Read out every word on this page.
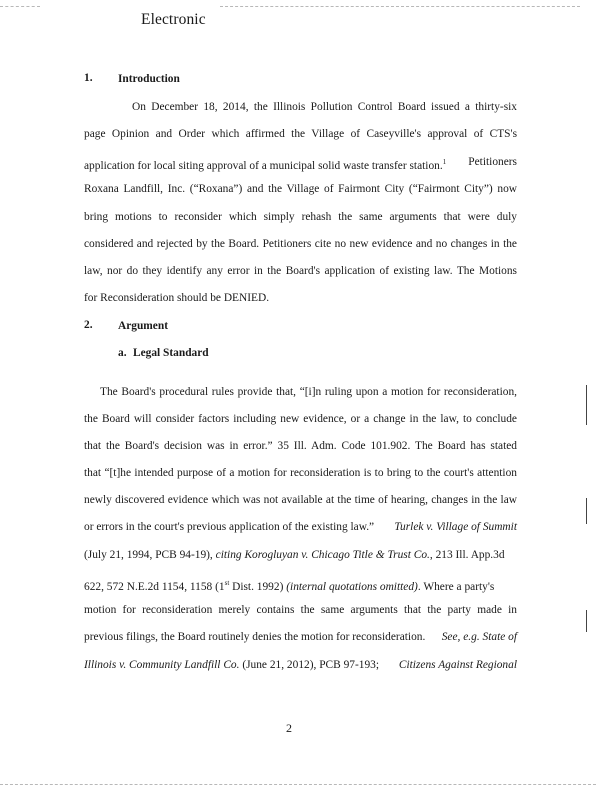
Electronic
1. Introduction
On December 18, 2014, the Illinois Pollution Control Board issued a thirty-six
page Opinion and Order which affirmed the Village of Caseyville's approval of CTS's
application for local siting approval of a municipal solid waste transfer station.$^1$ Petitioners
Roxana Landfill, Inc. (“Roxana”) and the Village of Fairmont City (“Fairmont City”) now
bring motions to reconsider which simply rehash the same arguments that were duly
considered and rejected by the Board. Petitioners cite no new evidence and no changes in the
law, nor do they identify any error in the Board's application of existing law. The Motions
for Reconsideration should be DENIED.
2. Argument
a. Legal Standard
The Board's procedural rules provide that, “[i]n ruling upon a motion for reconsideration,
the Board will consider factors including new evidence, or a change in the law, to conclude
that the Board's decision was in error.” 35 Ill. Adm. Code 101.902. The Board has stated
that “[t]he intended purpose of a motion for reconsideration is to bring to the court's attention
newly discovered evidence which was not available at the time of hearing, changes in the law
or errors in the court's previous application of the existing law.” Turlek v. Village of Summit
(July 21, 1994, PCB 94-19), citing Korogluyan v. Chicago Title & Trust Co., 213 Ill. App.3d
622, 572 N.E.2d 1154, 1158 (1st Dist. 1992) (internal quotations omitted). Where a party's
motion for reconsideration merely contains the same arguments that the party made in
previous filings, the Board routinely denies the motion for reconsideration. See, e.g. State of
Illinois v. Community Landfill Co. (June 21, 2012), PCB 97-193; Citizens Against Regional
2
